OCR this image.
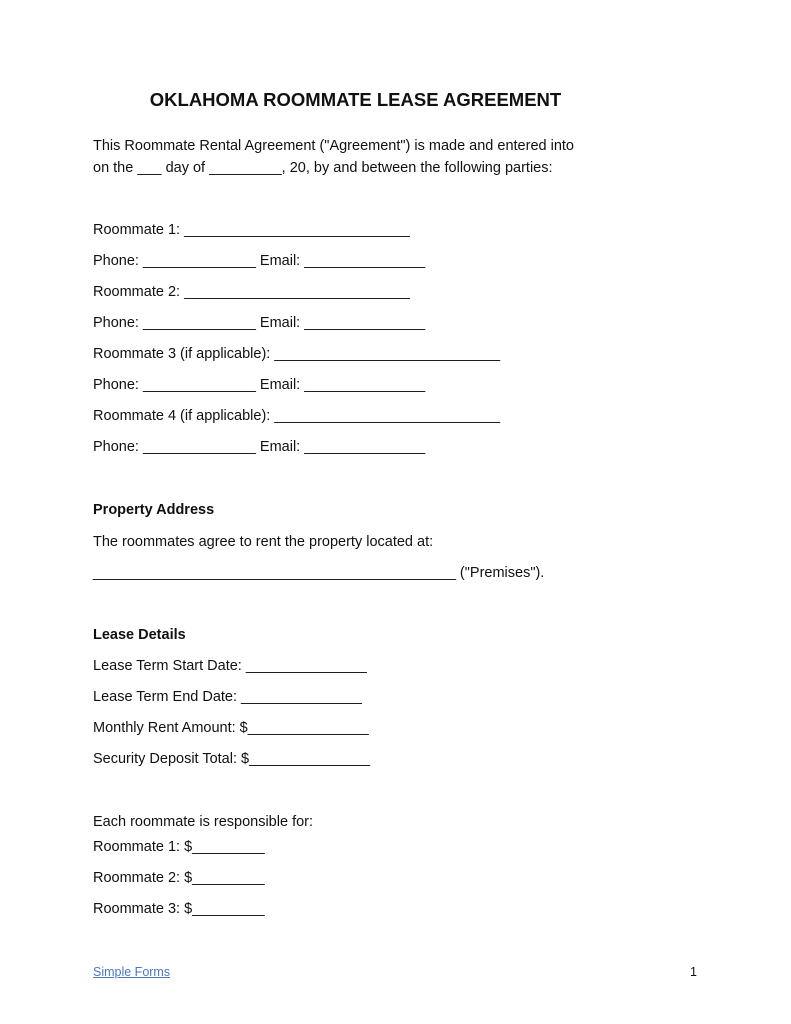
OKLAHOMA ROOMMATE LEASE AGREEMENT
This Roommate Rental Agreement ("Agreement") is made and entered into
on the ___ day of _________, 20, by and between the following parties:
Roommate 1: ____________________________
Phone: ______________ Email: _______________
Roommate 2: ____________________________
Phone: ______________ Email: _______________
Roommate 3 (if applicable): ____________________________
Phone: ______________ Email: _______________
Roommate 4 (if applicable): ____________________________
Phone: ______________ Email: _______________
Property Address
The roommates agree to rent the property located at:
_____________________________________________ ("Premises").
Lease Details
Lease Term Start Date: _______________
Lease Term End Date: _______________
Monthly Rent Amount: $_______________
Security Deposit Total: $_______________
Each roommate is responsible for:
Roommate 1: $_________
Roommate 2: $_________
Roommate 3: $_________
Simple Forms	1
